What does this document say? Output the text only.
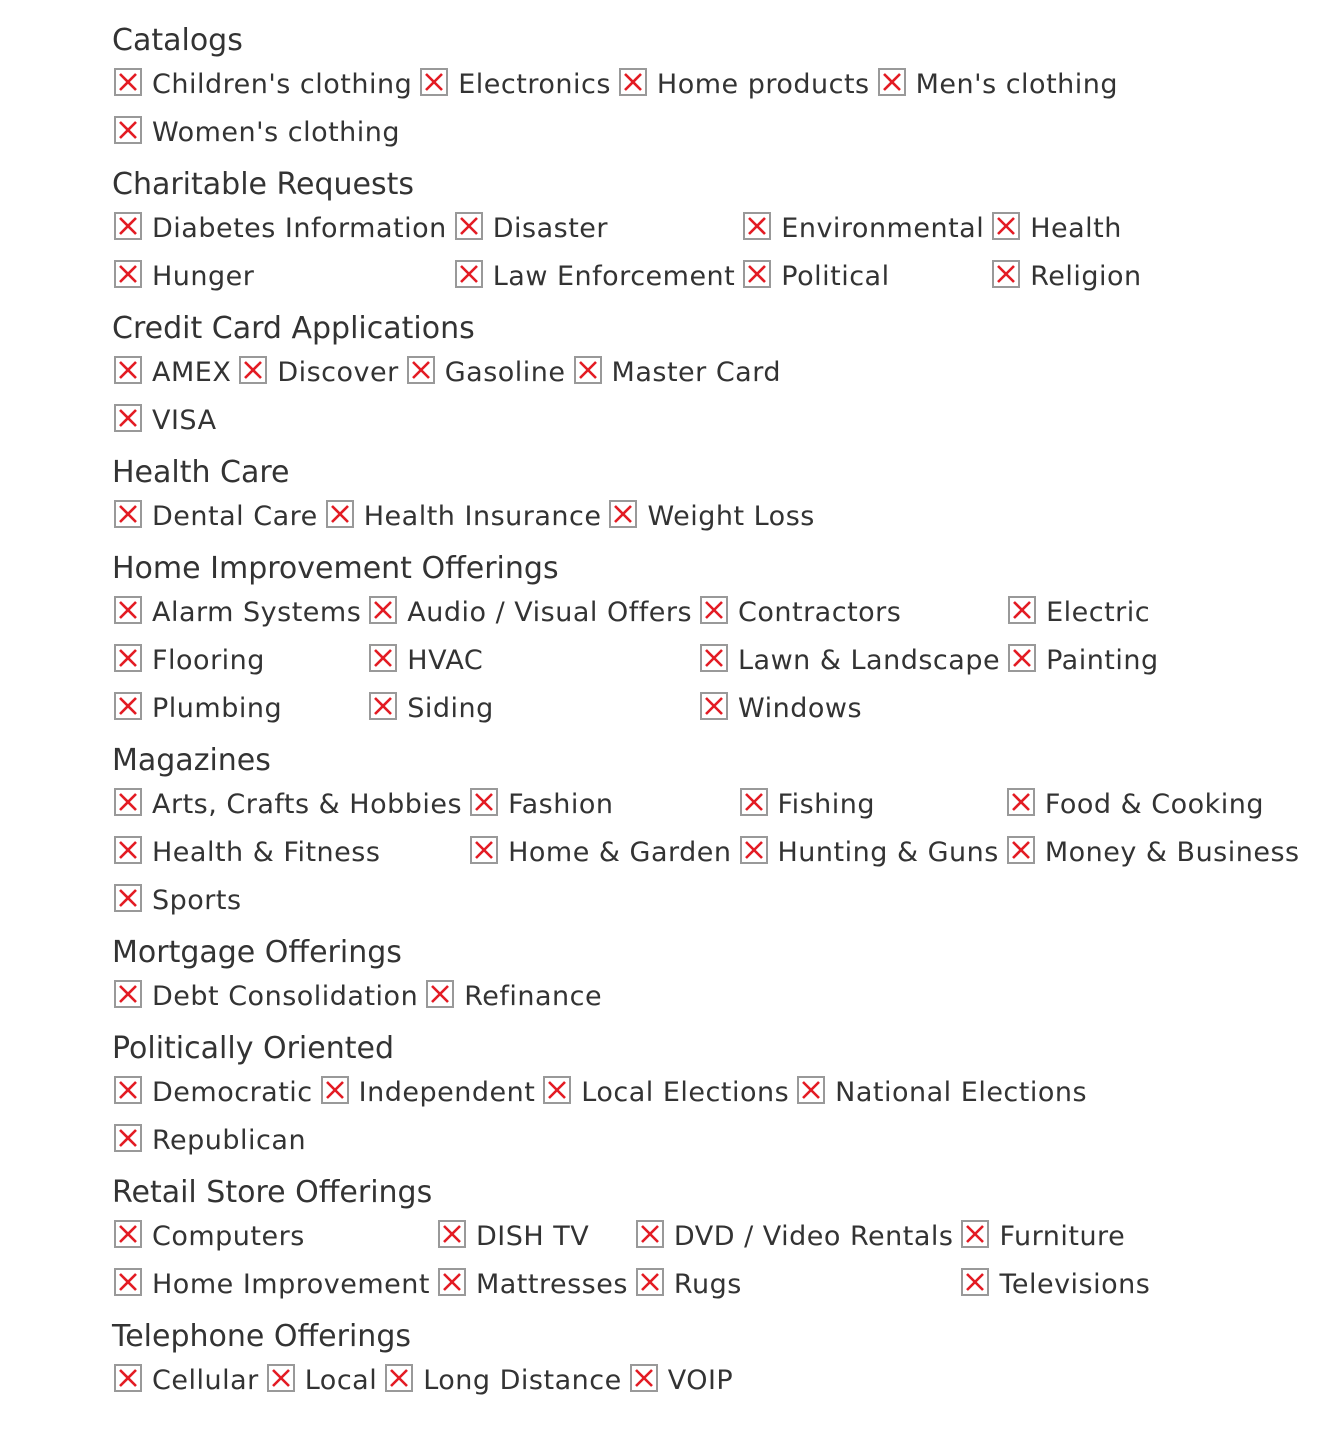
Catalogs
Children's clothing	Electronics	Home products	Men's clothing

Women's clothing
Charitable Requests
Diabetes Information	Disaster	Environmental	Health

Hunger	Law Enforcement	Political	Religion
Credit Card Applications
AMEX	Discover	Gasoline	Master Card

VISA
Health Care
Dental Care	Health Insurance	Weight Loss
Home Improvement Offerings
Alarm Systems	Audio / Visual Offers	Contractors	Electric

Flooring	HVAC	Lawn & Landscape	Painting

Plumbing	Siding	Windows
Magazines
Arts, Crafts & Hobbies	Fashion	Fishing	Food & Cooking

Health & Fitness	Home & Garden	Hunting & Guns	Money & Business

Sports
Mortgage Offerings
Debt Consolidation	Refinance
Politically Oriented
Democratic	Independent	Local Elections	National Elections

Republican
Retail Store Offerings
Computers	DISH TV	DVD / Video Rentals	Furniture

Home Improvement	Mattresses	Rugs	Televisions
Telephone Offerings
Cellular	Local	Long Distance	VOIP
